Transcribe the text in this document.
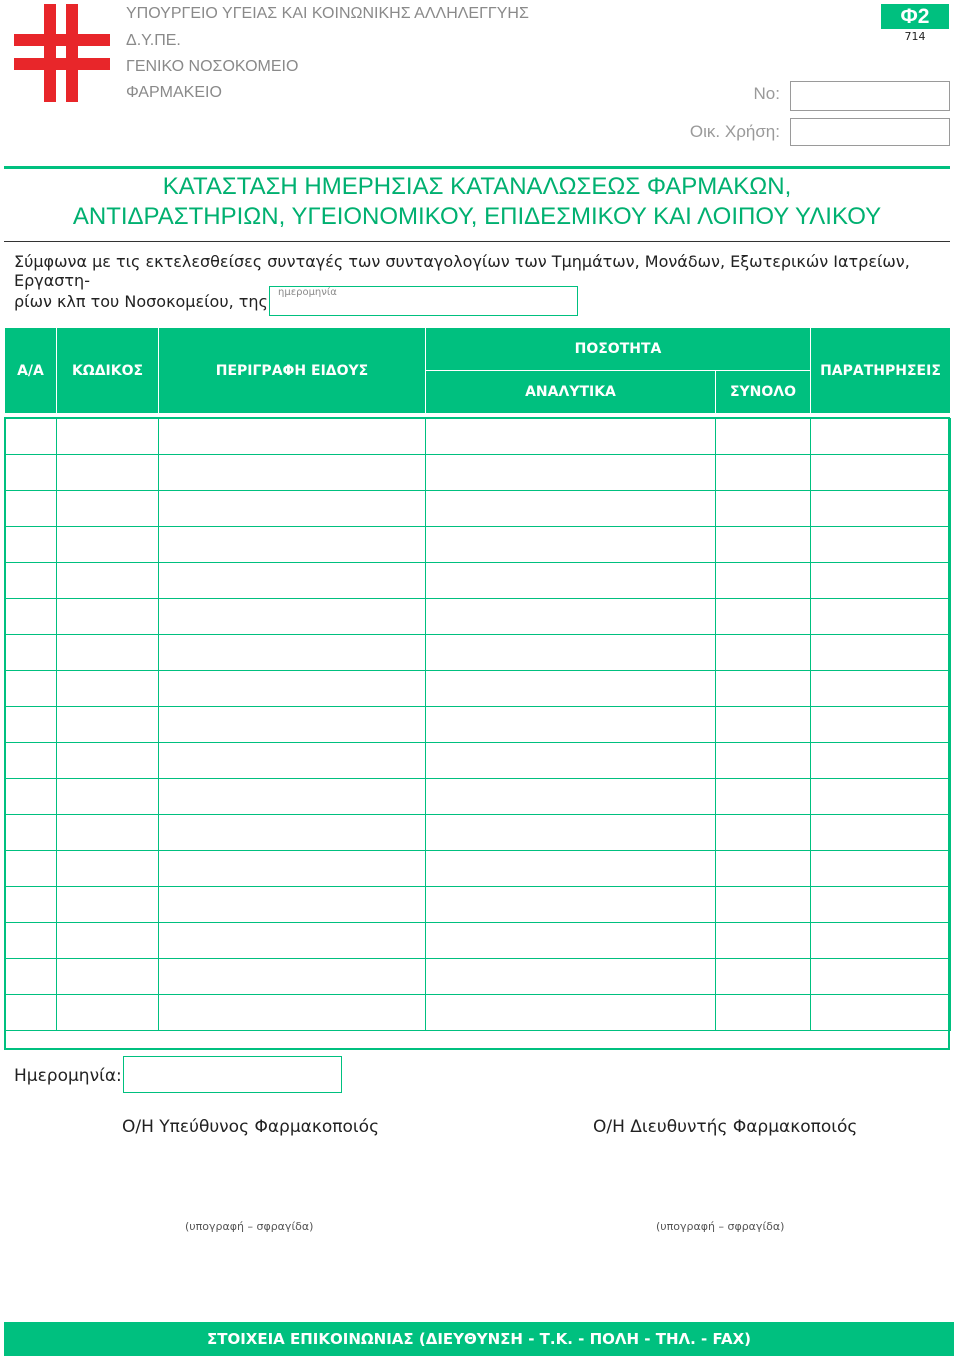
ΥΠΟΥΡΓΕΙΟ ΥΓΕΙΑΣ ΚΑΙ ΚΟΙΝΩΝΙΚΗΣ ΑΛΛΗΛΕΓΓΥΗΣ
Δ.Υ.ΠΕ.
ΓΕΝΙΚΟ ΝΟΣΟΚΟΜΕΙΟ
ΦΑΡΜΑΚΕΙΟ
Φ2
714
Νο:
Οικ. Χρήση:
ΚΑΤΑΣΤΑΣΗ ΗΜΕΡΗΣΙΑΣ ΚΑΤΑΝΑΛΩΣΕΩΣ ΦΑΡΜΑΚΩΝ,
ΑΝΤΙΔΡΑΣΤΗΡΙΩΝ, ΥΓΕΙΟΝΟΜΙΚΟΥ, ΕΠΙΔΕΣΜΙΚΟΥ ΚΑΙ ΛΟΙΠΟΥ ΥΛΙΚΟΥ
Σύμφωνα με τις εκτελεσθείσες συνταγές των συνταγολογίων των Τμημάτων, Μονάδων, Εξωτερικών Ιατρείων, Εργαστη-
ρίων κλπ του Νοσοκομείου, της ημερομηνία
Α/Α	ΚΩΔΙΚΟΣ	ΠΕΡΙΓΡΑΦΗ ΕΙΔΟΥΣ	ΠΟΣΟΤΗΤΑ		ΠΑΡΑΤΗΡΗΣΕΙΣ
			ΑΝΑΛΥΤΙΚΑ	ΣΥΝΟΛΟ	

Ημερομηνία:
Ο/Η Υπεύθυνος Φαρμακοποιός	Ο/Η Διευθυντής Φαρμακοποιός
(υπογραφή – σφραγίδα)	(υπογραφή – σφραγίδα)
ΣΤΟΙΧΕΙΑ ΕΠΙΚΟΙΝΩΝΙΑΣ (ΔΙΕΥΘΥΝΣΗ - Τ.Κ. - ΠΟΛΗ - ΤΗΛ. - FAX)
